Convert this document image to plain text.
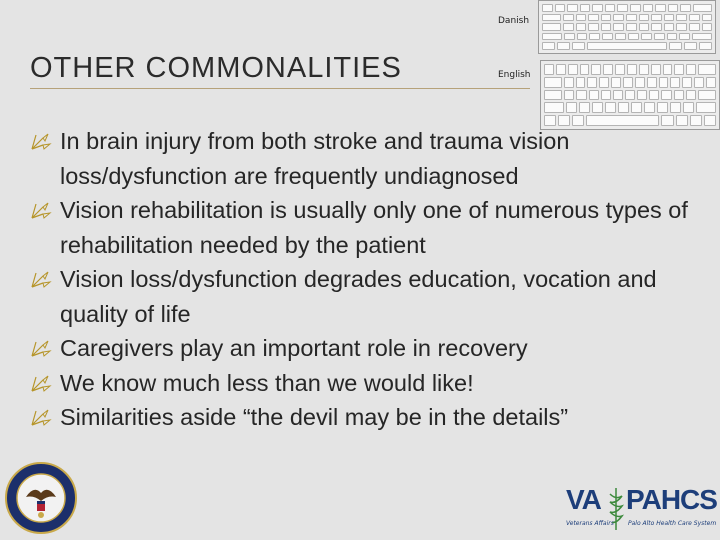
OTHER COMMONALITIES
Danish
English
In brain injury from both stroke and trauma vision loss/dysfunction are frequently undiagnosed
Vision rehabilitation is usually only one of numerous types of rehabilitation needed by the patient
Vision loss/dysfunction degrades education, vocation and quality of life
Caregivers play an important role in recovery
We know much less than we would like!
Similarities aside “the devil may be in the details”
VA PAHCS
Veterans Affairs Palo Alto Health Care System
